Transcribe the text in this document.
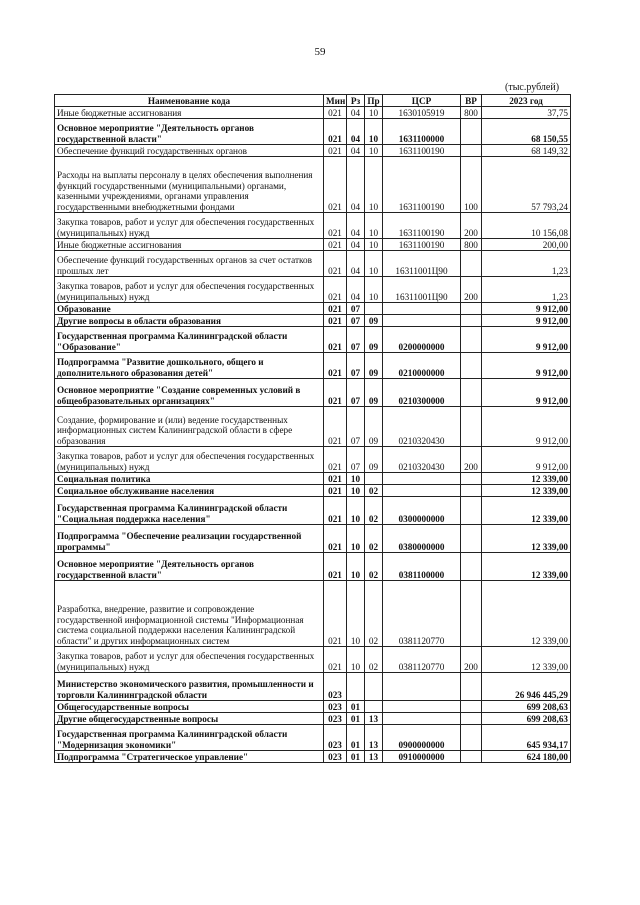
59
(тыс.рублей)
Наименование кода	Мин	Рз	Пр	ЦСР	ВР	2023 год
Иные бюджетные ассигнования	021	04	10	1630105919	800	37,75
Основное мероприятие "Деятельность органов государственной власти"	021	04	10	1631100000		68 150,55
Обеспечение функций государственных органов	021	04	10	1631100190		68 149,32
Расходы на выплаты персоналу в целях обеспечения выполнения функций государственными (муниципальными) органами, казенными учреждениями, органами управления государственными внебюджетными фондами	021	04	10	1631100190	100	57 793,24
Закупка товаров, работ и услуг для обеспечения государственных (муниципальных) нужд	021	04	10	1631100190	200	10 156,08
Иные бюджетные ассигнования	021	04	10	1631100190	800	200,00
Обеспечение функций государственных органов за счет остатков прошлых лет	021	04	10	16311001Ц90		1,23
Закупка товаров, работ и услуг для обеспечения государственных (муниципальных) нужд	021	04	10	16311001Ц90	200	1,23
Образование	021	07				9 912,00
Другие вопросы в области образования	021	07	09			9 912,00
Государственная программа Калининградской области "Образование"	021	07	09	0200000000		9 912,00
Подпрограмма "Развитие дошкольного, общего и дополнительного образования детей"	021	07	09	0210000000		9 912,00
Основное мероприятие "Создание современных условий в общеобразовательных организациях"	021	07	09	0210300000		9 912,00
Создание, формирование и (или) ведение государственных информационных систем Калининградской области в сфере образования	021	07	09	0210320430		9 912,00
Закупка товаров, работ и услуг для обеспечения государственных (муниципальных) нужд	021	07	09	0210320430	200	9 912,00
Социальная политика	021	10				12 339,00
Социальное обслуживание населения	021	10	02			12 339,00
Государственная программа Калининградской области "Социальная поддержка населения"	021	10	02	0300000000		12 339,00
Подпрограмма "Обеспечение реализации государственной программы"	021	10	02	0380000000		12 339,00
Основное мероприятие "Деятельность органов государственной власти"	021	10	02	0381100000		12 339,00
Разработка, внедрение, развитие и сопровождение государственной информационной системы "Информационная система социальной поддержки населения Калининградской области" и других информационных систем	021	10	02	0381120770		12 339,00
Закупка товаров, работ и услуг для обеспечения государственных (муниципальных) нужд	021	10	02	0381120770	200	12 339,00
Министерство экономического развития, промышленности и торговли Калининградской области	023					26 946 445,29
Общегосударственные вопросы	023	01				699 208,63
Другие общегосударственные вопросы	023	01	13			699 208,63
Государственная программа Калининградской области "Модернизация экономики"	023	01	13	0900000000		645 934,17
Подпрограмма "Стратегическое управление"	023	01	13	0910000000		624 180,00
